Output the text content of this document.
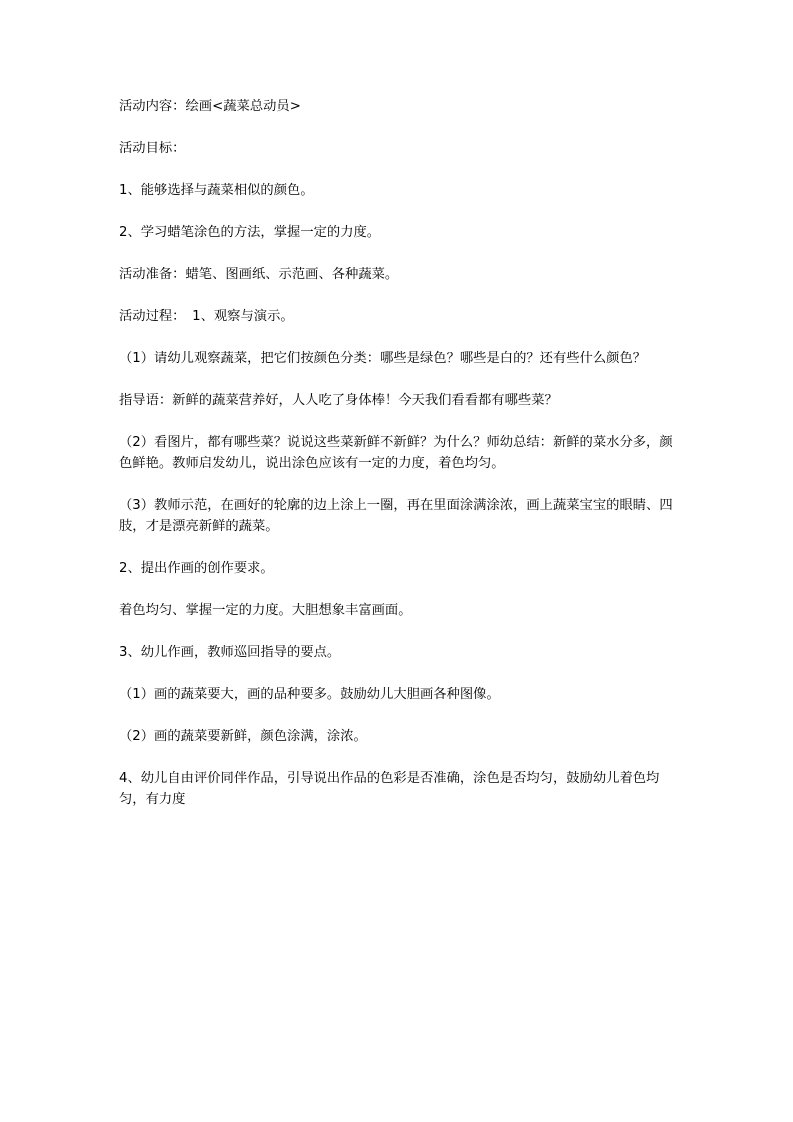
活动内容：绘画<蔬菜总动员>

活动目标：

1、能够选择与蔬菜相似的颜色。

2、学习蜡笔涂色的方法，掌握一定的力度。

活动准备：蜡笔、图画纸、示范画、各种蔬菜。

活动过程：　1、观察与演示。

（1）请幼儿观察蔬菜，把它们按颜色分类：哪些是绿色？哪些是白的？还有些什么颜色？

指导语：新鲜的蔬菜营养好，人人吃了身体棒！今天我们看看都有哪些菜？

（2）看图片，都有哪些菜？说说这些菜新鲜不新鲜？为什么？师幼总结：新鲜的菜水分多，颜色鲜艳。教师启发幼儿，说出涂色应该有一定的力度，着色均匀。

（3）教师示范，在画好的轮廓的边上涂上一圈，再在里面涂满涂浓，画上蔬菜宝宝的眼睛、四肢，才是漂亮新鲜的蔬菜。

2、提出作画的创作要求。

着色均匀、掌握一定的力度。大胆想象丰富画面。

3、幼儿作画，教师巡回指导的要点。

（1）画的蔬菜要大，画的品种要多。鼓励幼儿大胆画各种图像。

（2）画的蔬菜要新鲜，颜色涂满，涂浓。

4、幼儿自由评价同伴作品，引导说出作品的色彩是否准确，涂色是否均匀，鼓励幼儿着色均匀，有力度
